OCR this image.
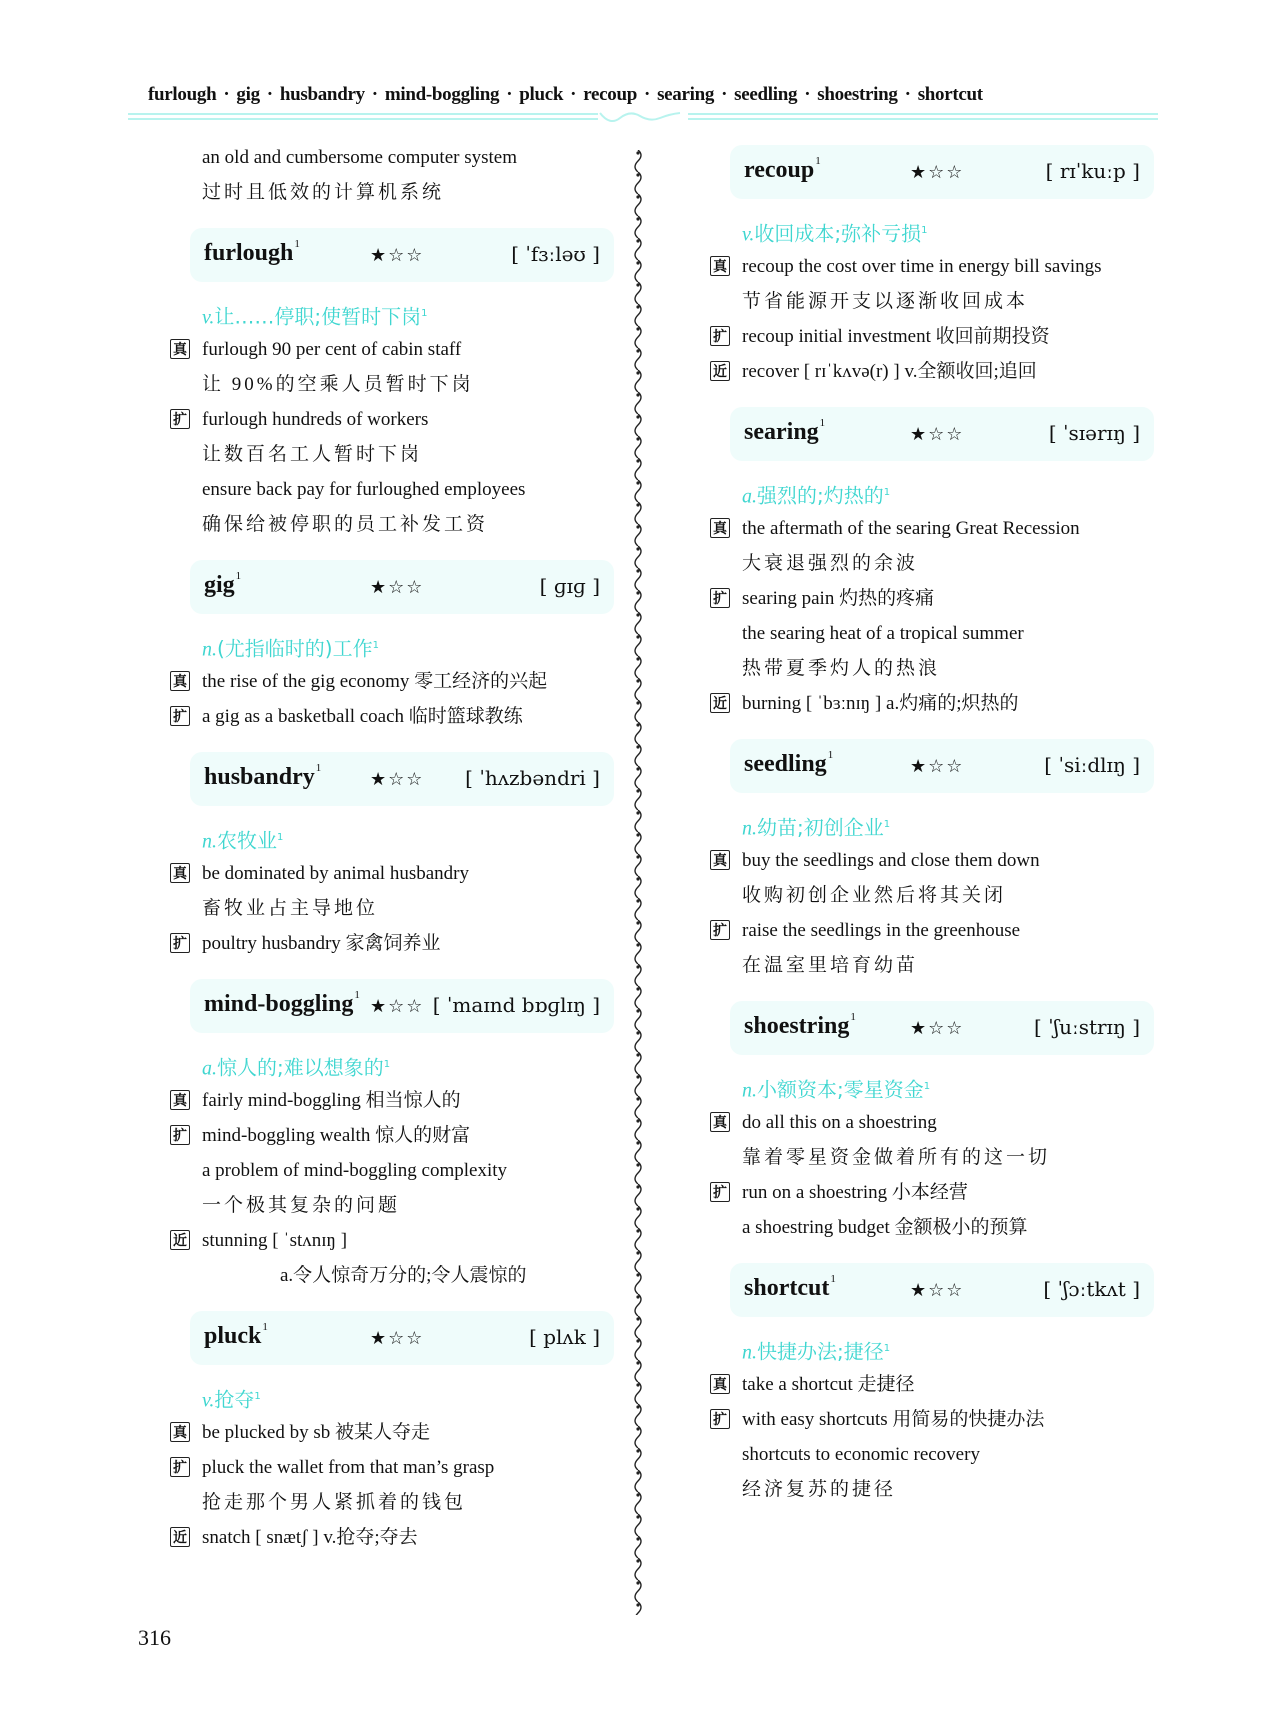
furlough · gig · husbandry · mind-boggling · pluck · recoup · searing · seedling · shoestring · shortcut
an old and cumbersome computer system
过时且低效的计算机系统
furlough$^1$
★☆☆	[ ˈfɜːləʊ ]
v.让……停职;使暂时下岗$^1$
真 furlough 90 per cent of cabin staff
让 90%的空乘人员暂时下岗
扩 furlough hundreds of workers
让数百名工人暂时下岗
ensure back pay for furloughed employees
确保给被停职的员工补发工资
gig$^1$
★☆☆	[ ɡɪɡ ]
n.(尤指临时的)工作$^1$
真 the rise of the gig economy 零工经济的兴起
扩 a gig as a basketball coach 临时篮球教练
husbandry$^1$
★☆☆ [ ˈhʌzbəndri ]
n.农牧业$^1$
真 be dominated by animal husbandry
畜牧业占主导地位
扩 poultry husbandry 家禽饲养业
mind-boggling$^1$
★☆☆ [ ˈmaɪnd bɒɡlɪŋ ]
a.惊人的;难以想象的$^1$
真 fairly mind-boggling 相当惊人的
扩 mind-boggling wealth 惊人的财富
a problem of mind-boggling complexity
一个极其复杂的问题
近 stunning [ ˈstʌnɪŋ ]
a.令人惊奇万分的;令人震惊的
pluck$^1$
★☆☆	[ plʌk ]
v.抢夺$^1$
真 be plucked by sb 被某人夺走
扩 pluck the wallet from that man’s grasp
抢走那个男人紧抓着的钱包
近 snatch [ snætʃ ] v.抢夺;夺去
recoup$^1$
★☆☆	[ rɪˈkuːp ]
v.收回成本;弥补亏损$^1$
真 recoup the cost over time in energy bill savings
节省能源开支以逐渐收回成本
扩 recoup initial investment 收回前期投资
近 recover [ rɪˈkʌvə(r) ] v.全额收回;追回
searing$^1$
★☆☆	[ ˈsɪərɪŋ ]
a.强烈的;灼热的$^1$
真 the aftermath of the searing Great Recession
大衰退强烈的余波
扩 searing pain 灼热的疼痛
the searing heat of a tropical summer
热带夏季灼人的热浪
近 burning [ ˈbɜːnɪŋ ] a.灼痛的;炽热的
seedling$^1$
★☆☆	[ ˈsiːdlɪŋ ]
n.幼苗;初创企业$^1$
真 buy the seedlings and close them down
收购初创企业然后将其关闭
扩 raise the seedlings in the greenhouse
在温室里培育幼苗
shoestring$^1$
★☆☆	[ ˈʃuːstrɪŋ ]
n.小额资本;零星资金$^1$
真 do all this on a shoestring
靠着零星资金做着所有的这一切
扩 run on a shoestring 小本经营
a shoestring budget 金额极小的预算
shortcut$^1$
★☆☆	[ ˈʃɔːtkʌt ]
n.快捷办法;捷径$^1$
真 take a shortcut 走捷径
扩 with easy shortcuts 用简易的快捷办法
shortcuts to economic recovery
经济复苏的捷径
316
